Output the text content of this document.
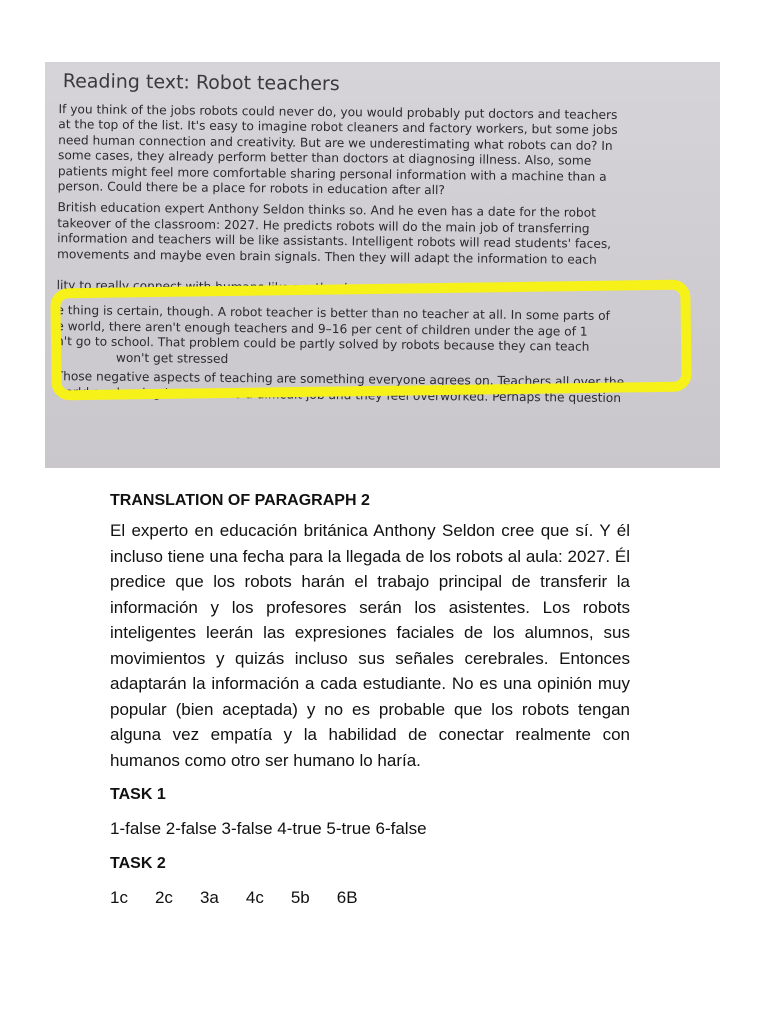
Reading text: Robot teachers
If you think of the jobs robots could never do, you would probably put doctors and teachers
at the top of the list. It's easy to imagine robot cleaners and factory workers, but some jobs
need human connection and creativity. But are we underestimating what robots can do? In
some cases, they already perform better than doctors at diagnosing illness. Also, some
patients might feel more comfortable sharing personal information with a machine than a
person. Could there be a place for robots in education after all?
British education expert Anthony Seldon thinks so. And he even has a date for the robot
takeover of the classroom: 2027. He predicts robots will do the main job of transferring
information and teachers will be like assistants. Intelligent robots will read students' faces,
movements and maybe even brain signals. Then they will adapt the information to each
lity to really connect with humans like another human can.
e thing is certain, though. A robot teacher is better than no teacher at all. In some parts of
e world, there aren't enough teachers and 9–16 per cent of children under the age of 1
n't go to school. That problem could be partly solved by robots because they can teach
won't get stressed
Those negative aspects of teaching are something everyone agrees on. Teachers all over the
world are leaving because it is a difficult job and they feel overworked. Perhaps the question

TRANSLATION OF PARAGRAPH 2

El experto en educación británica Anthony Seldon cree que sí. Y él incluso tiene una fecha para la llegada de los robots al aula: 2027. Él predice que los robots harán el trabajo principal de transferir la información y los profesores serán los asistentes. Los robots inteligentes leerán las expresiones faciales de los alumnos, sus movimientos y quizás incluso sus señales cerebrales. Entonces adaptarán la información a cada estudiante. No es una opinión muy popular (bien aceptada) y no es probable que los robots tengan alguna vez empatía y la habilidad de conectar realmente con humanos como otro ser humano lo haría.

TASK 1

1-false 2-false 3-false 4-true 5-true 6-false

TASK 2

1c 2c 3a 4c 5b 6B
